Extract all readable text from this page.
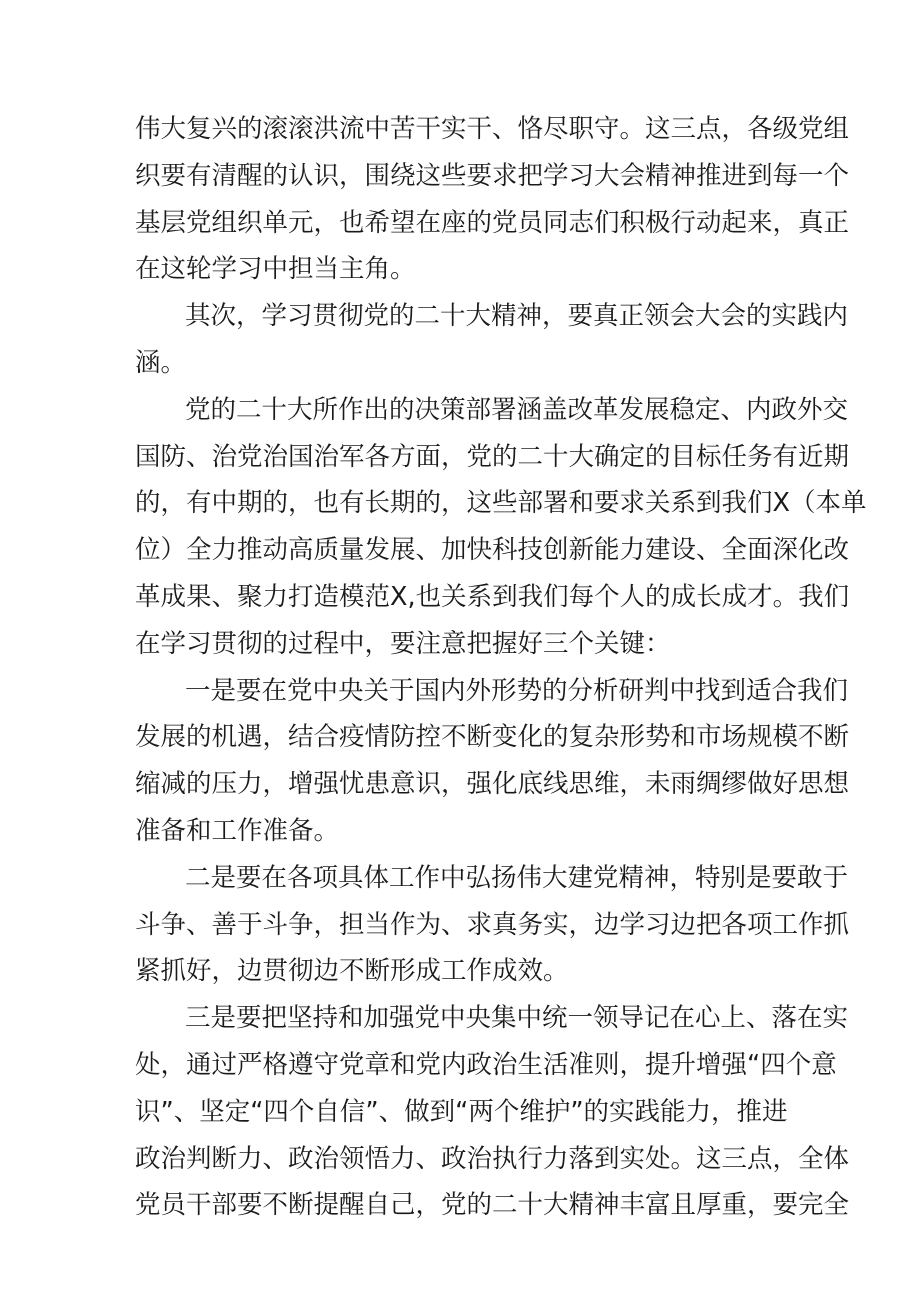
伟大复兴的滚滚洪流中苦干实干、恪尽职守。这三点，各级党组
织要有清醒的认识，围绕这些要求把学习大会精神推进到每一个
基层党组织单元，也希望在座的党员同志们积极行动起来，真正
在这轮学习中担当主角。
其次，学习贯彻党的二十大精神，要真正领会大会的实践内
涵。
党的二十大所作出的决策部署涵盖改革发展稳定、内政外交
国防、治党治国治军各方面，党的二十大确定的目标任务有近期
的，有中期的，也有长期的，这些部署和要求关系到我们X（本单
位）全力推动高质量发展、加快科技创新能力建设、全面深化改
革成果、聚力打造模范X,也关系到我们每个人的成长成才。我们
在学习贯彻的过程中，要注意把握好三个关键：
一是要在党中央关于国内外形势的分析研判中找到适合我们
发展的机遇，结合疫情防控不断变化的复杂形势和市场规模不断
缩减的压力，增强忧患意识，强化底线思维，未雨绸缪做好思想
准备和工作准备。
二是要在各项具体工作中弘扬伟大建党精神，特别是要敢于
斗争、善于斗争，担当作为、求真务实，边学习边把各项工作抓
紧抓好，边贯彻边不断形成工作成效。
三是要把坚持和加强党中央集中统一领导记在心上、落在实
处，通过严格遵守党章和党内政治生活准则，提升增强“四个意
识”、坚定“四个自信”、做到“两个维护”的实践能力，推进
政治判断力、政治领悟力、政治执行力落到实处。这三点，全体
党员干部要不断提醒自己，党的二十大精神丰富且厚重，要完全
